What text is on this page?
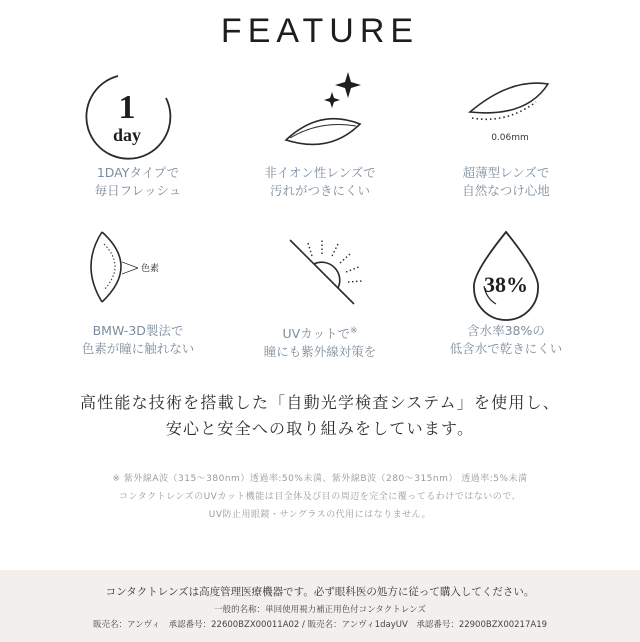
FEATURE
1
day
1DAYタイプで
毎日フレッシュ
非イオン性レンズで
汚れがつきにくい
0.06mm
超薄型レンズで
自然なつけ心地
色素
BMW-3D製法で
色素が瞳に触れない
UVカットで※
瞳にも紫外線対策を
38%
含水率38%の
低含水で乾きにくい
高性能な技術を搭載した「自動光学検査システム」を使用し、
安心と安全への取り組みをしています。
※ 紫外線A波（315～380nm）透過率:50%未満、紫外線B波（280～315nm） 透過率:5%未満
コンタクトレンズのUVカット機能は目全体及び目の周辺を完全に覆ってるわけではないので、
UV防止用眼鏡・サングラスの代用にはなりません。
コンタクトレンズは高度管理医療機器です。必ず眼科医の処方に従って購入してください。
一般的名称：単回使用視力補正用色付コンタクトレンズ
販売名：アンヴィ　承認番号：22600BZX00011A02 / 販売名：アンヴィ1dayUV　承認番号：22900BZX00217A19
